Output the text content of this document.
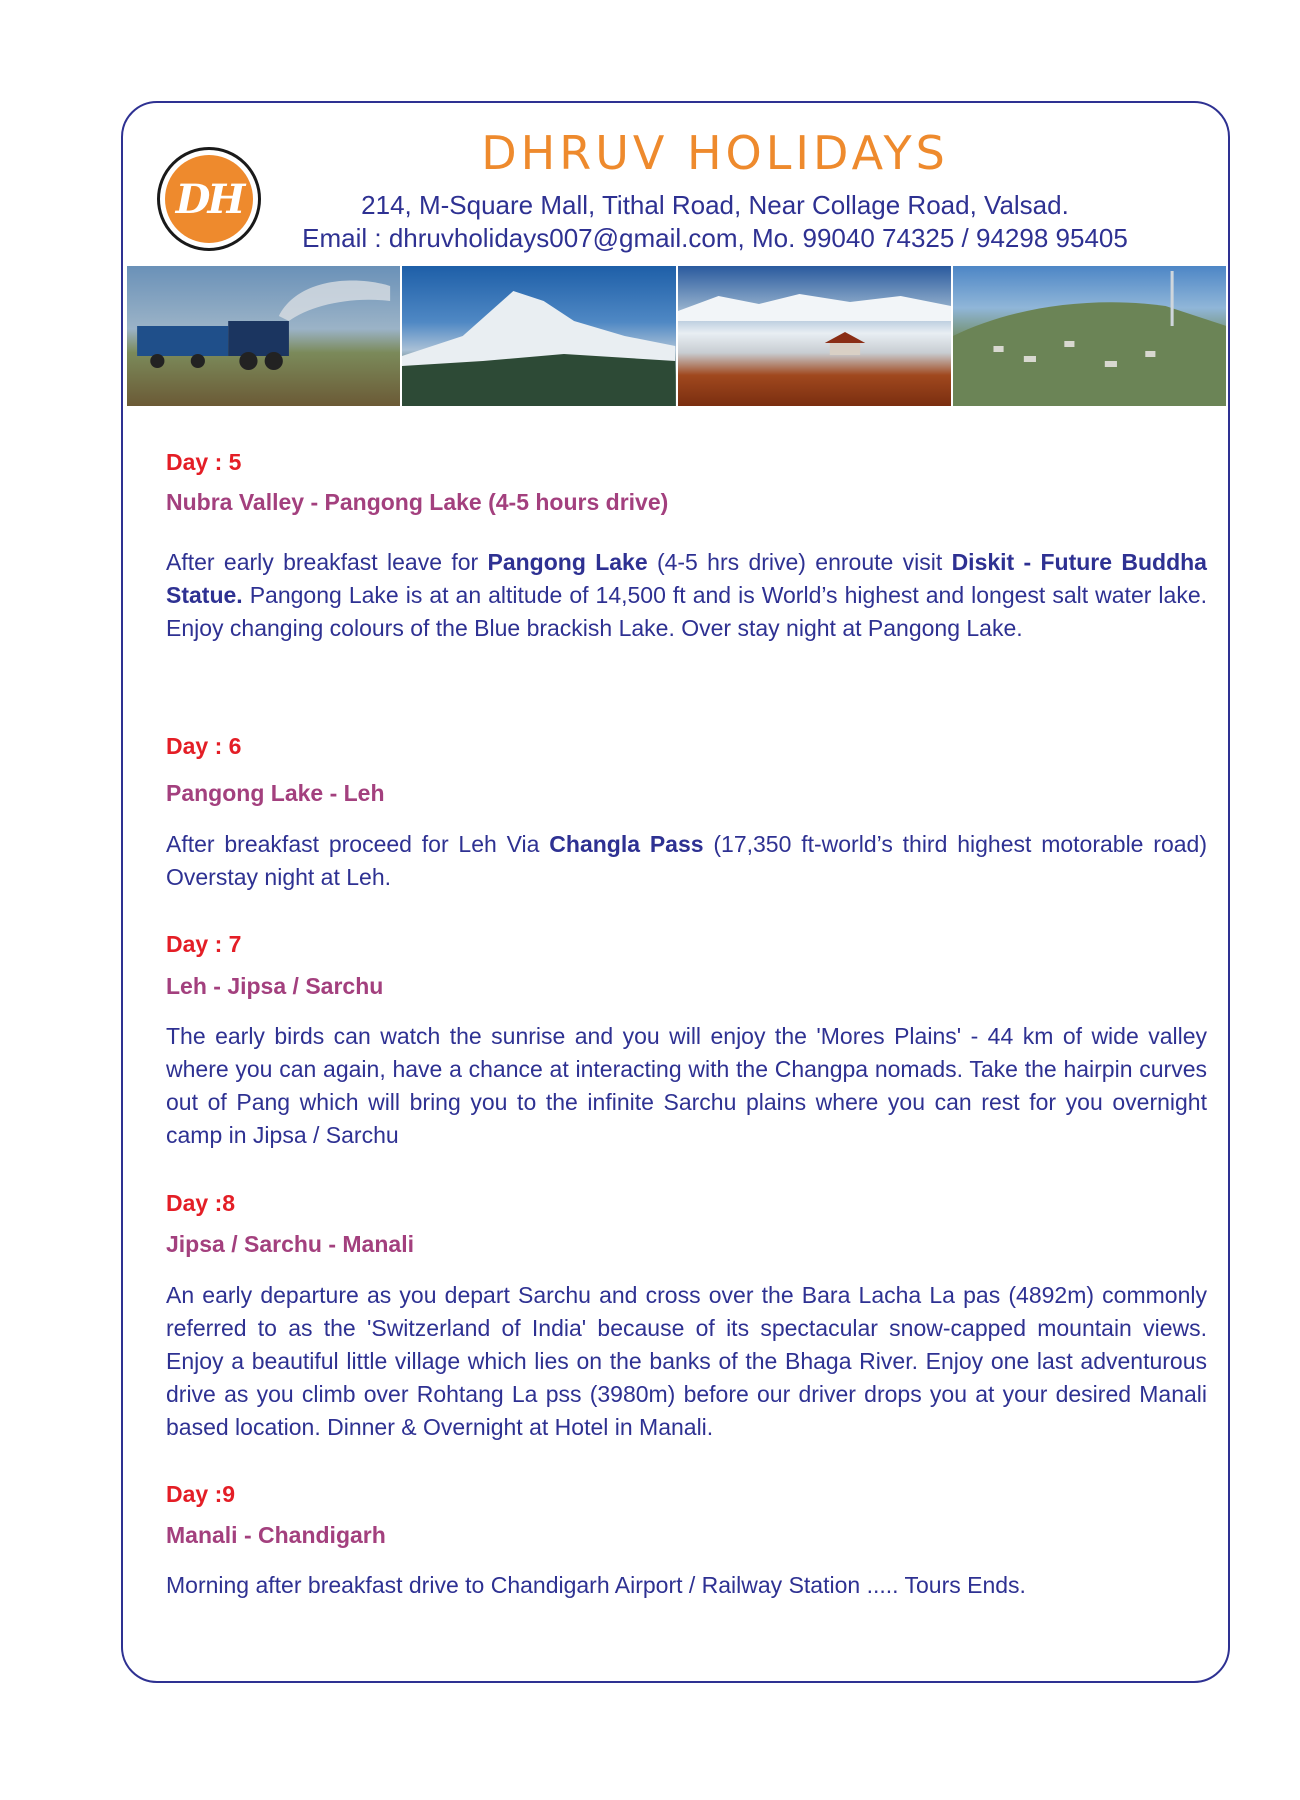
DH
DHRUV HOLIDAYS
214, M-Square Mall, Tithal Road, Near Collage Road, Valsad.
Email : dhruvholidays007@gmail.com, Mo. 99040 74325 / 94298 95405
Day : 5
Nubra Valley - Pangong Lake (4-5 hours drive)
After early breakfast leave for Pangong Lake (4-5 hrs drive) enroute visit Diskit - Future Buddha Statue. Pangong Lake is at an altitude of 14,500 ft and is World’s highest and longest salt water lake. Enjoy changing colours of the Blue brackish Lake. Over stay night at Pangong Lake.
Day : 6
Pangong Lake - Leh
After breakfast proceed for Leh Via Changla Pass (17,350 ft-world’s third highest motorable road) Overstay night at Leh.
Day : 7
Leh - Jipsa / Sarchu
The early birds can watch the sunrise and you will enjoy the 'Mores Plains' - 44 km of wide valley where you can again, have a chance at interacting with the Changpa nomads. Take the hairpin curves out of Pang which will bring you to the infinite Sarchu plains where you can rest for you overnight camp in Jipsa / Sarchu
Day :8
Jipsa / Sarchu - Manali
An early departure as you depart Sarchu and cross over the Bara Lacha La pas (4892m) commonly referred to as the 'Switzerland of India' because of its spectacular snow-capped mountain views. Enjoy a beautiful little village which lies on the banks of the Bhaga River. Enjoy one last adventurous drive as you climb over Rohtang La pss (3980m) before our driver drops you at your desired Manali based location. Dinner & Overnight at Hotel in Manali.
Day :9
Manali - Chandigarh
Morning after breakfast drive to Chandigarh Airport / Railway Station ..... Tours Ends.
